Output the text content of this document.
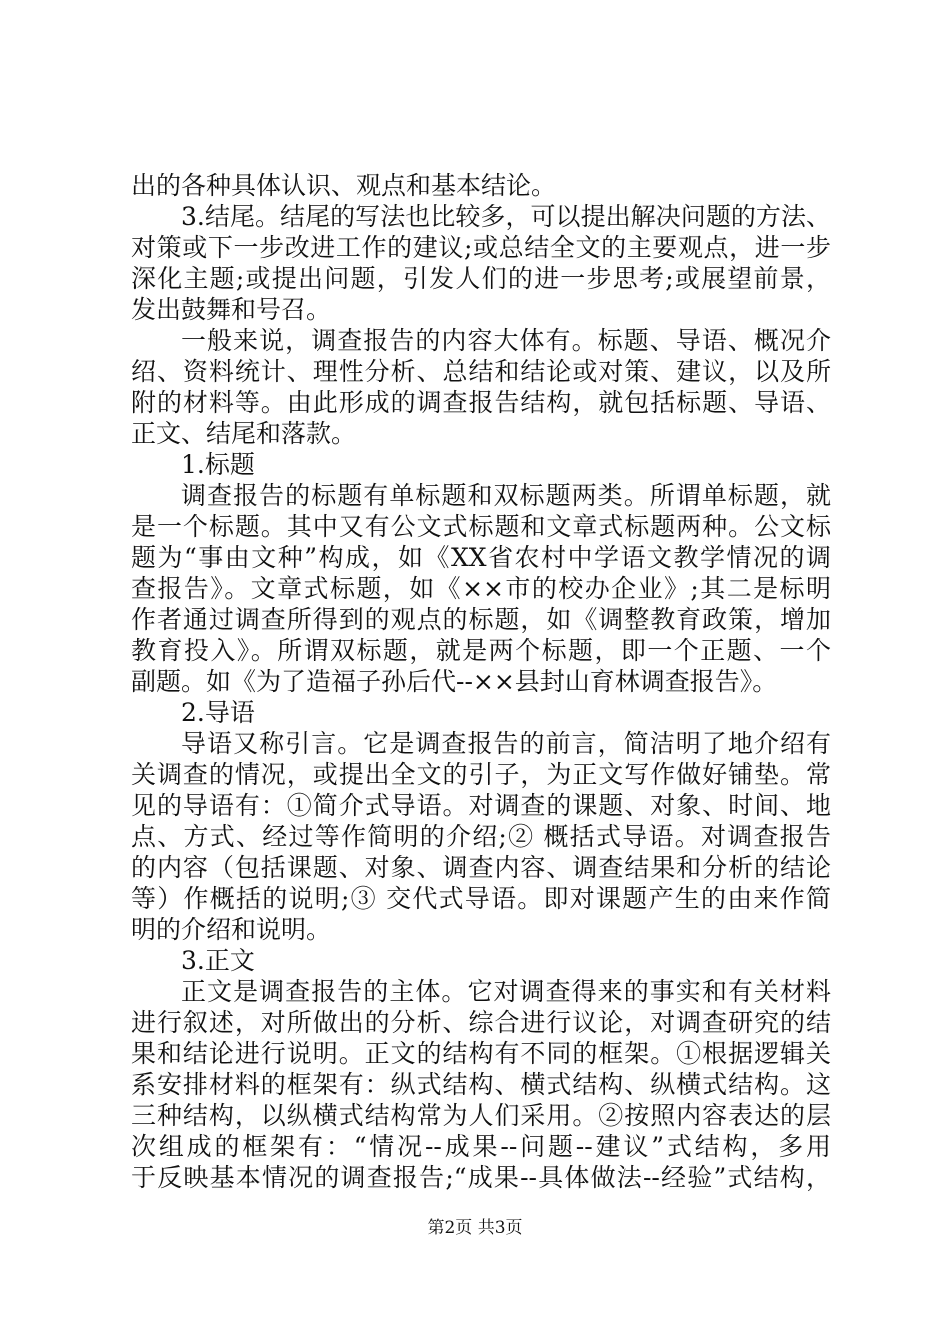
出的各种具体认识、观点和基本结论。
3.结尾。结尾的写法也比较多，可以提出解决问题的方法、
对策或下一步改进工作的建议;或总结全文的主要观点，进一步
深化主题;或提出问题，引发人们的进一步思考;或展望前景，
发出鼓舞和号召。
一般来说，调查报告的内容大体有。标题、导语、概况介
绍、资料统计、理性分析、总结和结论或对策、建议，以及所
附的材料等。由此形成的调查报告结构，就包括标题、导语、
正文、结尾和落款。
1.标题
调查报告的标题有单标题和双标题两类。所谓单标题，就
是一个标题。其中又有公文式标题和文章式标题两种。公文标
题为“事由文种”构成，如《XX省农村中学语文教学情况的调
查报告》。文章式标题，如《××市的校办企业》;其二是标明
作者通过调查所得到的观点的标题，如《调整教育政策，增加
教育投入》。所谓双标题，就是两个标题，即一个正题、一个
副题。如《为了造福子孙后代--××县封山育林调查报告》。
2.导语
导语又称引言。它是调查报告的前言，简洁明了地介绍有
关调查的情况，或提出全文的引子，为正文写作做好铺垫。常
见的导语有：①简介式导语。对调查的课题、对象、时间、地
点、方式、经过等作简明的介绍;② 概括式导语。对调查报告
的内容（包括课题、对象、调查内容、调查结果和分析的结论
等）作概括的说明;③ 交代式导语。即对课题产生的由来作简
明的介绍和说明。
3.正文
正文是调查报告的主体。它对调查得来的事实和有关材料
进行叙述，对所做出的分析、综合进行议论，对调查研究的结
果和结论进行说明。正文的结构有不同的框架。①根据逻辑关
系安排材料的框架有：纵式结构、横式结构、纵横式结构。这
三种结构，以纵横式结构常为人们采用。②按照内容表达的层
次组成的框架有：“情况--成果--问题--建议”式结构，多用
于反映基本情况的调查报告;“成果--具体做法--经验”式结构，
第2页 共3页
